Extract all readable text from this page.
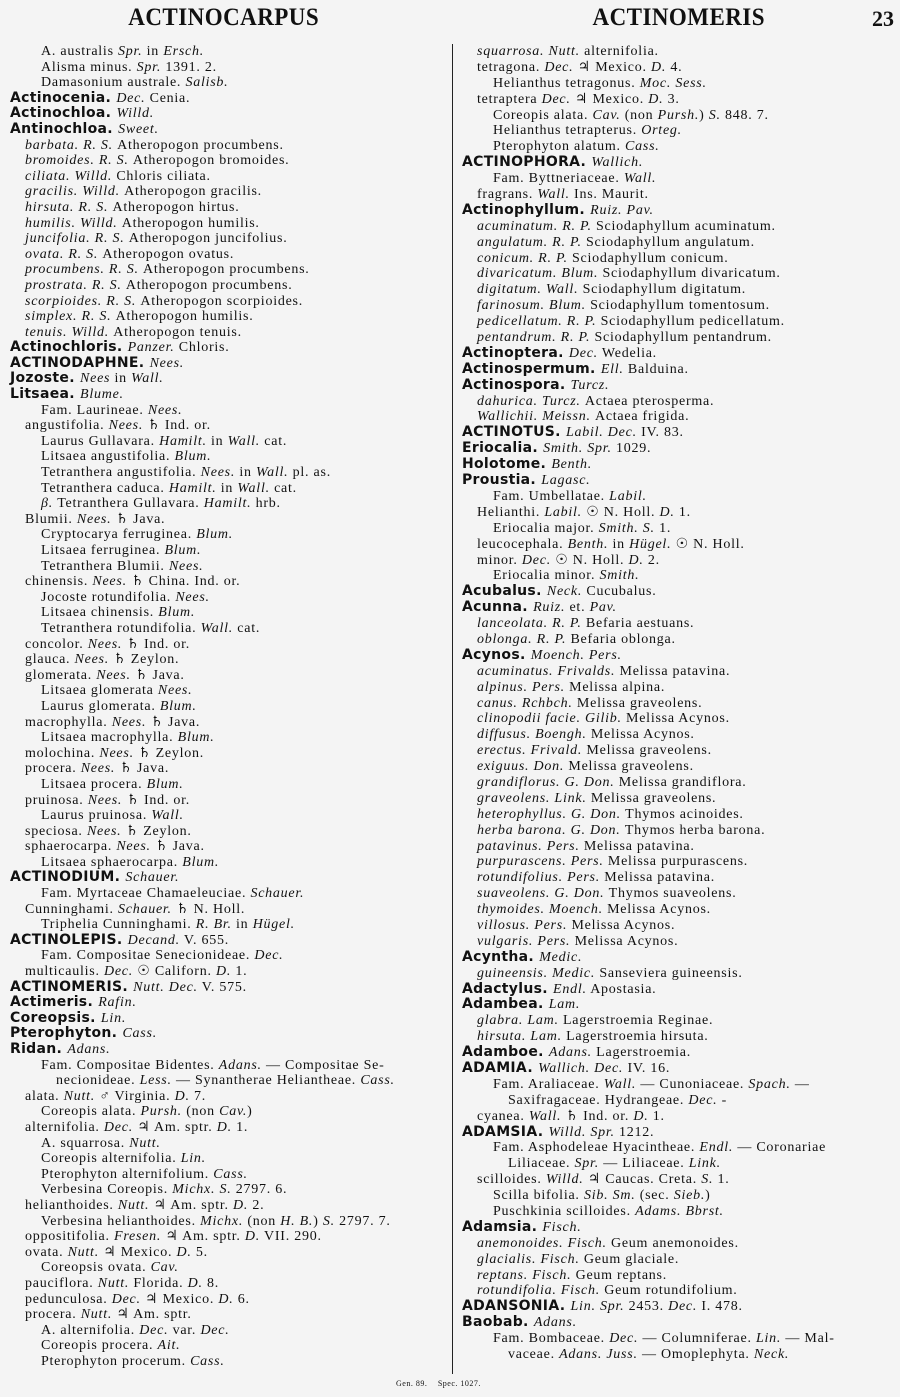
ACTINOCARPUS	ACTINOMERIS	23
A. australis Spr. in Ersch.
Alisma minus. Spr. 1391. 2.
Damasonium australe. Salisb.
Actinocenia. Dec. Cenia.
Actinochloa. Willd.
Antinochloa. Sweet.
barbata. R. S. Atheropogon procumbens.
bromoides. R. S. Atheropogon bromoides.
ciliata. Willd. Chloris ciliata.
gracilis. Willd. Atheropogon gracilis.
hirsuta. R. S. Atheropogon hirtus.
humilis. Willd. Atheropogon humilis.
juncifolia. R. S. Atheropogon juncifolius.
ovata. R. S. Atheropogon ovatus.
procumbens. R. S. Atheropogon procumbens.
prostrata. R. S. Atheropogon procumbens.
scorpioides. R. S. Atheropogon scorpioides.
simplex. R. S. Atheropogon humilis.
tenuis. Willd. Atheropogon tenuis.
Actinochloris. Panzer. Chloris.
ACTINODAPHNE. Nees.
Jozoste. Nees in Wall.
Litsaea. Blume.
Fam. Laurineae. Nees.
angustifolia. Nees. ♄ Ind. or.
Laurus Gullavara. Hamilt. in Wall. cat.
Litsaea angustifolia. Blum.
Tetranthera angustifolia. Nees. in Wall. pl. as.
Tetranthera caduca. Hamilt. in Wall. cat.
β. Tetranthera Gullavara. Hamilt. hrb.
Blumii. Nees. ♄ Java.
Cryptocarya ferruginea. Blum.
Litsaea ferruginea. Blum.
Tetranthera Blumii. Nees.
chinensis. Nees. ♄ China. Ind. or.
Jocoste rotundifolia. Nees.
Litsaea chinensis. Blum.
Tetranthera rotundifolia. Wall. cat.
concolor. Nees. ♄ Ind. or.
glauca. Nees. ♄ Zeylon.
glomerata. Nees. ♄ Java.
Litsaea glomerata Nees.
Laurus glomerata. Blum.
macrophylla. Nees. ♄ Java.
Litsaea macrophylla. Blum.
molochina. Nees. ♄ Zeylon.
procera. Nees. ♄ Java.
Litsaea procera. Blum.
pruinosa. Nees. ♄ Ind. or.
Laurus pruinosa. Wall.
speciosa. Nees. ♄ Zeylon.
sphaerocarpa. Nees. ♄ Java.
Litsaea sphaerocarpa. Blum.
ACTINODIUM. Schauer.
Fam. Myrtaceae Chamaeleuciae. Schauer.
Cunninghami. Schauer. ♄ N. Holl.
Triphelia Cunninghami. R. Br. in Hügel.
ACTINOLEPIS. Decand. V. 655.
Fam. Compositae Senecionideae. Dec.
multicaulis. Dec. ☉ Californ. D. 1.
ACTINOMERIS. Nutt. Dec. V. 575.
Actimeris. Rafin.
Coreopsis. Lin.
Pterophyton. Cass.
Ridan. Adans.
Fam. Compositae Bidentes. Adans. — Compositae Se-
necionideae. Less. — Synantherae Heliantheae. Cass.
alata. Nutt. ♂ Virginia. D. 7.
Coreopis alata. Pursh. (non Cav.)
alternifolia. Dec. ♃ Am. sptr. D. 1.
A. squarrosa. Nutt.
Coreopis alternifolia. Lin.
Pterophyton alternifolium. Cass.
Verbesina Coreopis. Michx. S. 2797. 6.
helianthoides. Nutt. ♃ Am. sptr. D. 2.
Verbesina helianthoides. Michx. (non H. B.) S. 2797. 7.
oppositifolia. Fresen. ♃ Am. sptr. D. VII. 290.
ovata. Nutt. ♃ Mexico. D. 5.
Coreopsis ovata. Cav.
pauciflora. Nutt. Florida. D. 8.
pedunculosa. Dec. ♃ Mexico. D. 6.
procera. Nutt. ♃ Am. sptr.
A. alternifolia. Dec. var. Dec.
Coreopis procera. Ait.
Pterophyton procerum. Cass.
squarrosa. Nutt. alternifolia.
tetragona. Dec. ♃ Mexico. D. 4.
Helianthus tetragonus. Moc. Sess.
tetraptera Dec. ♃ Mexico. D. 3.
Coreopis alata. Cav. (non Pursh.) S. 848. 7.
Helianthus tetrapterus. Orteg.
Pterophyton alatum. Cass.
ACTINOPHORA. Wallich.
Fam. Byttneriaceae. Wall.
fragrans. Wall. Ins. Maurit.
Actinophyllum. Ruiz. Pav.
acuminatum. R. P. Sciodaphyllum acuminatum.
angulatum. R. P. Sciodaphyllum angulatum.
conicum. R. P. Sciodaphyllum conicum.
divaricatum. Blum. Sciodaphyllum divaricatum.
digitatum. Wall. Sciodaphyllum digitatum.
farinosum. Blum. Sciodaphyllum tomentosum.
pedicellatum. R. P. Sciodaphyllum pedicellatum.
pentandrum. R. P. Sciodaphyllum pentandrum.
Actinoptera. Dec. Wedelia.
Actinospermum. Ell. Balduina.
Actinospora. Turcz.
dahurica. Turcz. Actaea pterosperma.
Wallichii. Meissn. Actaea frigida.
ACTINOTUS. Labil. Dec. IV. 83.
Eriocalia. Smith. Spr. 1029.
Holotome. Benth.
Proustia. Lagasc.
Fam. Umbellatae. Labil.
Helianthi. Labil. ☉ N. Holl. D. 1.
Eriocalia major. Smith. S. 1.
leucocephala. Benth. in Hügel. ☉ N. Holl.
minor. Dec. ☉ N. Holl. D. 2.
Eriocalia minor. Smith.
Acubalus. Neck. Cucubalus.
Acunna. Ruiz. et. Pav.
lanceolata. R. P. Befaria aestuans.
oblonga. R. P. Befaria oblonga.
Acynos. Moench. Pers.
acuminatus. Frivalds. Melissa patavina.
alpinus. Pers. Melissa alpina.
canus. Rchbch. Melissa graveolens.
clinopodii facie. Gilib. Melissa Acynos.
diffusus. Boengh. Melissa Acynos.
erectus. Frivald. Melissa graveolens.
exiguus. Don. Melissa graveolens.
grandiflorus. G. Don. Melissa grandiflora.
graveolens. Link. Melissa graveolens.
heterophyllus. G. Don. Thymos acinoides.
herba barona. G. Don. Thymos herba barona.
patavinus. Pers. Melissa patavina.
purpurascens. Pers. Melissa purpurascens.
rotundifolius. Pers. Melissa patavina.
suaveolens. G. Don. Thymos suaveolens.
thymoides. Moench. Melissa Acynos.
villosus. Pers. Melissa Acynos.
vulgaris. Pers. Melissa Acynos.
Acyntha. Medic.
guineensis. Medic. Sanseviera guineensis.
Adactylus. Endl. Apostasia.
Adambea. Lam.
glabra. Lam. Lagerstroemia Reginae.
hirsuta. Lam. Lagerstroemia hirsuta.
Adamboe. Adans. Lagerstroemia.
ADAMIA. Wallich. Dec. IV. 16.
Fam. Araliaceae. Wall. — Cunoniaceae. Spach. —
Saxifragaceae. Hydrangeae. Dec. -
cyanea. Wall. ♄ Ind. or. D. 1.
ADAMSIA. Willd. Spr. 1212.
Fam. Asphodeleae Hyacintheae. Endl. — Coronariae
Liliaceae. Spr. — Liliaceae. Link.
scilloides. Willd. ♃ Caucas. Creta. S. 1.
Scilla bifolia. Sib. Sm. (sec. Sieb.)
Puschkinia scilloides. Adams. Bbrst.
Adamsia. Fisch.
anemonoides. Fisch. Geum anemonoides.
glacialis. Fisch. Geum glaciale.
reptans. Fisch. Geum reptans.
rotundifolia. Fisch. Geum rotundifolium.
ADANSONIA. Lin. Spr. 2453. Dec. I. 478.
Baobab. Adans.
Fam. Bombaceae. Dec. — Columniferae. Lin. — Mal-
vaceae. Adans. Juss. — Omoplephyta. Neck.
Gen. 89. Spec. 1027.
